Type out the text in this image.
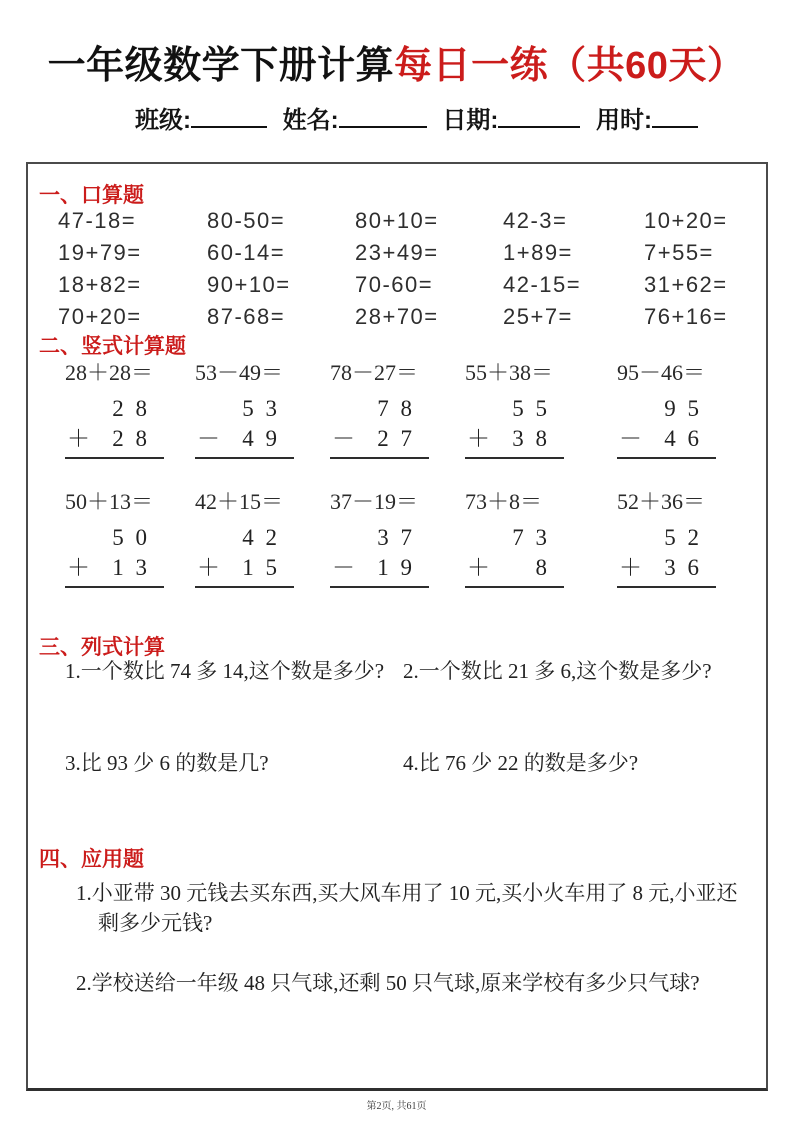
一年级数学下册计算每日一练（共60天）
班级:	姓名:	日期:	用时:
一、口算题
47-18=	80-50=	80+10=	42-3=	10+20=
19+79=	60-14=	23+49=	1+89=	7+55=
18+82=	90+10=	70-60=	42-15=	31+62=
70+20=	87-68=	28+70=	25+7=	76+16=
二、竖式计算题
28＋28＝
2 8
＋ 2 8
53－49＝
5 3
－ 4 9
78－27＝
7 8
－ 2 7
55＋38＝
5 5
＋ 3 8
95－46＝
9 5
－ 4 6
50＋13＝
5 0
＋ 1 3
42＋15＝
4 2
＋ 1 5
37－19＝
3 7
－ 1 9
73＋8＝
7 3
＋ 8
52＋36＝
5 2
＋ 3 6
三、列式计算
1.一个数比 74 多 14,这个数是多少? 2.一个数比 21 多 6,这个数是多少?
3.比 93 少 6 的数是几?	4.比 76 少 22 的数是多少?
四、应用题
1.小亚带 30 元钱去买东西,买大风车用了 10 元,买小火车用了 8 元,小亚还剩多少元钱?
2.学校送给一年级 48 只气球,还剩 50 只气球,原来学校有多少只气球?
第2页, 共61页
